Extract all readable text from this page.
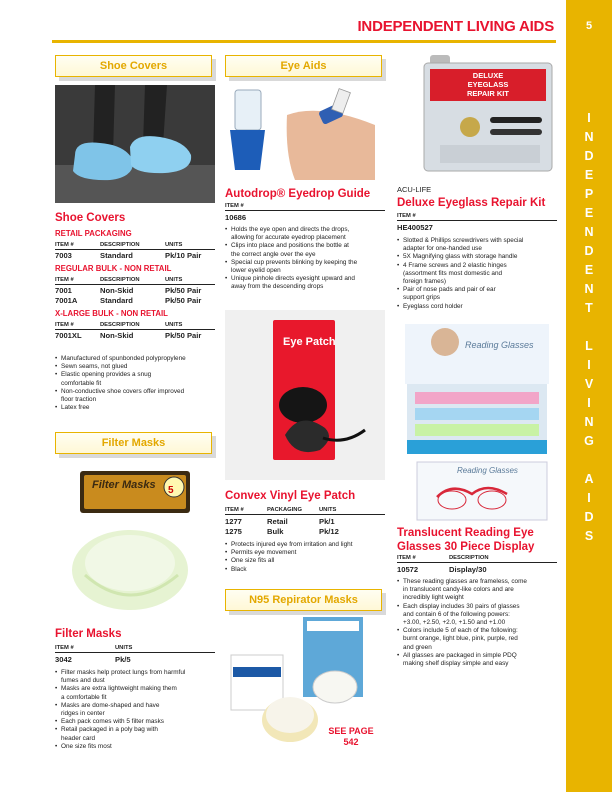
INDEPENDENT LIVING AIDS	5
I
N
D
E
P
E
N
D
E
N
T
L
I
V
I
N
G
A
I
D
S
Shoe Covers
Shoe Covers
RETAIL PACKAGING
ITEM #	DESCRIPTION	UNITS
7003	Standard	Pk/10 Pair
REGULAR BULK - NON RETAIL
ITEM #	DESCRIPTION	UNITS
7001	Non-Skid	Pk/50 Pair
7001A	Standard	Pk/50 Pair
X-LARGE BULK - NON RETAIL
ITEM #	DESCRIPTION	UNITS
7001XL	Non-Skid	Pk/50 Pair
• Manufactured of spunbonded polypropylene
• Sewn seams, not glued
• Elastic opening provides a snug
comfortable fit
• Non-conductive shoe covers offer improved
floor traction
• Latex free
Filter Masks
Filter Masks 5
Filter Masks
ITEM #	UNITS
3042	Pk/5
• Filter masks help protect lungs from harmful
fumes and dust
• Masks are extra lightweight making them
a comfortable fit
• Masks are dome-shaped and have
ridges in center
• Each pack comes with 5 filter masks
• Retail packaged in a poly bag with
header card
• One size fits most
Eye Aids
Autodrop® Eyedrop Guide
ITEM #
10686
• Holds the eye open and directs the drops,
allowing for accurate eyedrop placement
• Clips into place and positions the bottle at
the correct angle over the eye
• Special cup prevents blinking by keeping the
lower eyelid open
• Unique pinhole directs eyesight upward and
away from the descending drops
Eye Patch
Convex Vinyl Eye Patch
ITEM #	PACKAGING	UNITS
1277	Retail	Pk/1
1275	Bulk	Pk/12
• Protects injured eye from irritation and light
• Permits eye movement
• One size fits all
• Black
N95 Repirator Masks
SEE PAGE
542
DELUXE
EYEGLASS
REPAIR KIT
ACU-LIFE
Deluxe Eyeglass Repair Kit
ITEM #
HE400527
• Slotted & Phillips screwdrivers with special
adapter for one-handed use
• 5X Magnifying glass with storage handle
• 4 Frame screws and 2 elastic hinges
(assortment fits most domestic and
foreign frames)
• Pair of nose pads and pair of ear
support grips
• Eyeglass cord holder
Reading Glasses
Reading Glasses
Translucent Reading Eye
Glasses 30 Piece Display
ITEM #	DESCRIPTION
10572	Display/30
• These reading glasses are frameless, come
in translucent candy-like colors and are
incredibly light weight
• Each display includes 30 pairs of glasses
and contain 6 of the following powers:
+3.00, +2.50, +2.0, +1.50 and +1.00
• Colors include 5 of each of the following:
burnt orange, light blue, pink, purple, red
and green
• All glasses are packaged in simple PDQ
making shelf display simple and easy
